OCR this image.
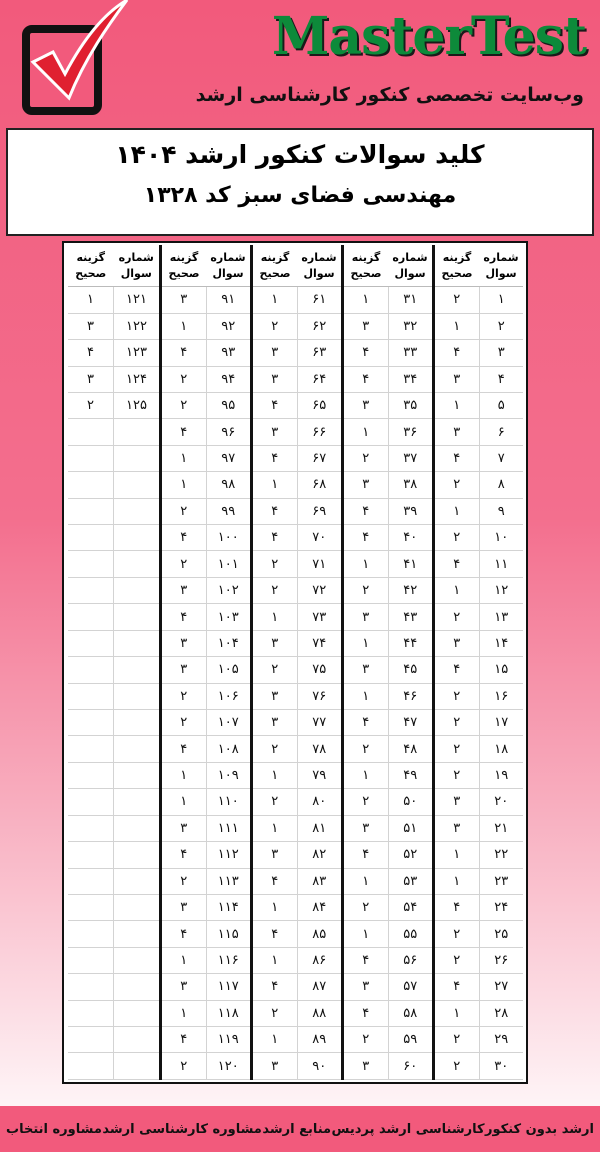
MasterTest
وب‌سایت تخصصی کنکور کارشناسی ارشد
کلید سوالات کنکور ارشد ۱۴۰۴
مهندسی فضای سبز کد ۱۳۲۸
شماره
سوال
گزینه
صحیح
۱
۲
۲
۱
۳
۴
۴
۳
۵
۱
۶
۳
۷
۴
۸
۲
۹
۱
۱۰
۲
۱۱
۴
۱۲
۱
۱۳
۲
۱۴
۳
۱۵
۴
۱۶
۲
۱۷
۲
۱۸
۲
۱۹
۲
۲۰
۳
۲۱
۳
۲۲
۱
۲۳
۱
۲۴
۴
۲۵
۲
۲۶
۲
۲۷
۴
۲۸
۱
۲۹
۲
۳۰
۲
شماره
سوال
گزینه
صحیح
۳۱
۱
۳۲
۳
۳۳
۴
۳۴
۴
۳۵
۳
۳۶
۱
۳۷
۲
۳۸
۳
۳۹
۴
۴۰
۴
۴۱
۱
۴۲
۲
۴۳
۳
۴۴
۱
۴۵
۳
۴۶
۱
۴۷
۴
۴۸
۲
۴۹
۱
۵۰
۲
۵۱
۳
۵۲
۴
۵۳
۱
۵۴
۲
۵۵
۱
۵۶
۴
۵۷
۳
۵۸
۴
۵۹
۲
۶۰
۳
شماره
سوال
گزینه
صحیح
۶۱
۱
۶۲
۲
۶۳
۳
۶۴
۳
۶۵
۴
۶۶
۳
۶۷
۴
۶۸
۱
۶۹
۴
۷۰
۴
۷۱
۲
۷۲
۲
۷۳
۱
۷۴
۳
۷۵
۲
۷۶
۳
۷۷
۳
۷۸
۲
۷۹
۱
۸۰
۲
۸۱
۱
۸۲
۳
۸۳
۴
۸۴
۱
۸۵
۴
۸۶
۱
۸۷
۴
۸۸
۲
۸۹
۱
۹۰
۳
شماره
سوال
گزینه
صحیح
۹۱
۳
۹۲
۱
۹۳
۴
۹۴
۲
۹۵
۲
۹۶
۴
۹۷
۱
۹۸
۱
۹۹
۲
۱۰۰
۴
۱۰۱
۲
۱۰۲
۳
۱۰۳
۴
۱۰۴
۳
۱۰۵
۳
۱۰۶
۲
۱۰۷
۲
۱۰۸
۴
۱۰۹
۱
۱۱۰
۱
۱۱۱
۳
۱۱۲
۴
۱۱۳
۲
۱۱۴
۳
۱۱۵
۴
۱۱۶
۱
۱۱۷
۳
۱۱۸
۱
۱۱۹
۴
۱۲۰
۲
شماره
سوال
گزینه
صحیح
۱۲۱
۱
۱۲۲
۳
۱۲۳
۴
۱۲۴
۳
۱۲۵
۲
ارشد بدون کنکور
کارشناسی ارشد پردیس
منابع ارشد
مشاوره کارشناسی ارشد
مشاوره انتخاب
